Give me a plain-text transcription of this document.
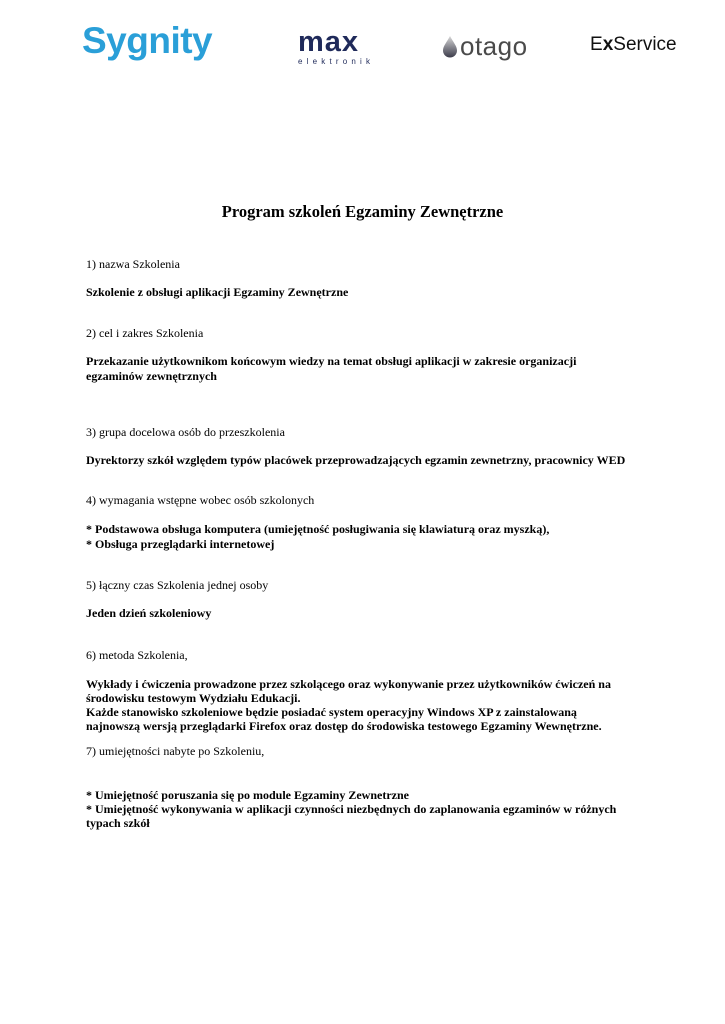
Sygnity	max
elektronik
otago	ExService
Program szkoleń Egzaminy Zewnętrzne
1) nazwa Szkolenia
Szkolenie z obsługi aplikacji Egzaminy Zewnętrzne
2) cel i zakres Szkolenia
Przekazanie użytkownikom końcowym wiedzy na temat obsługi aplikacji w zakresie organizacji
egzaminów zewnętrznych
3) grupa docelowa osób do przeszkolenia
Dyrektorzy szkół względem typów placówek przeprowadzających egzamin zewnetrzny, pracownicy WED
4) wymagania wstępne wobec osób szkolonych
* Podstawowa obsługa komputera (umiejętność posługiwania się klawiaturą oraz myszką),
* Obsługa przeglądarki internetowej
5) łączny czas Szkolenia jednej osoby
Jeden dzień szkoleniowy
6) metoda Szkolenia,
Wykłady i ćwiczenia prowadzone przez szkolącego oraz wykonywanie przez użytkowników ćwiczeń na
środowisku testowym Wydziału Edukacji.
Każde stanowisko szkoleniowe będzie posiadać system operacyjny Windows XP z zainstalowaną
najnowszą wersją przeglądarki Firefox oraz dostęp do środowiska testowego Egzaminy Wewnętrzne.
7) umiejętności nabyte po Szkoleniu,
* Umiejętność poruszania się po module Egzaminy Zewnetrzne
* Umiejętność wykonywania w aplikacji czynności niezbędnych do zaplanowania egzaminów w różnych
typach szkół
